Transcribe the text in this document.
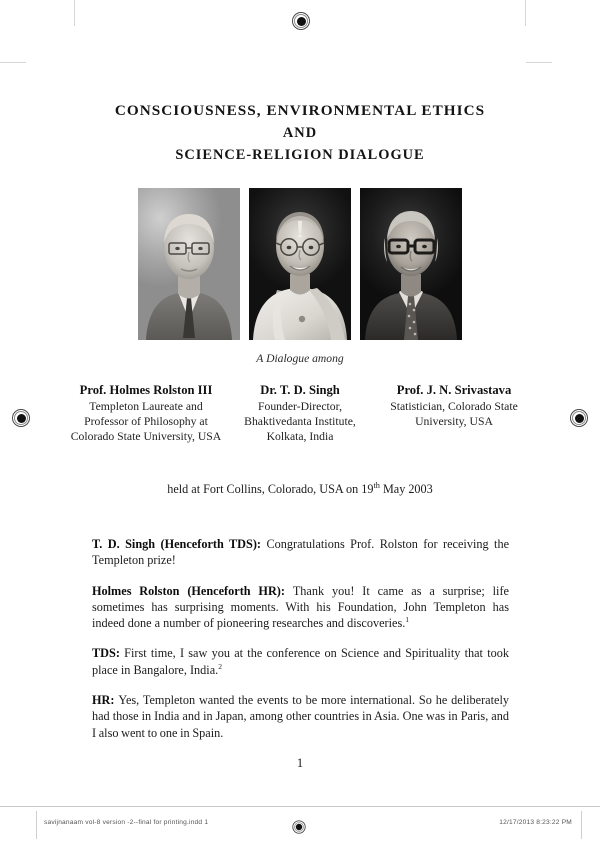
CONSCIOUSNESS, ENVIRONMENTAL ETHICS
AND
SCIENCE-RELIGION DIALOGUE
A Dialogue among
Prof. Holmes Rolston III
Templeton Laureate and Professor of Philosophy at Colorado State University, USA
Dr. T. D. Singh
Founder-Director, Bhaktivedanta Institute, Kolkata, India
Prof. J. N. Srivastava
Statistician, Colorado State University, USA
held at Fort Collins, Colorado, USA on 19th May 2003

T. D. Singh (Henceforth TDS): Congratulations Prof. Rolston for receiving the Templeton prize!

Holmes Rolston (Henceforth HR): Thank you! It came as a surprise; life sometimes has surprising moments. With his Foundation, John Templeton has indeed done a number of pioneering researches and discoveries.$^1$

TDS: First time, I saw you at the conference on Science and Spirituality that took place in Bangalore, India.$^2$

HR: Yes, Templeton wanted the events to be more international. So he deliberately had those in India and in Japan, among other countries in Asia. One was in Paris, and I also went to one in Spain.

1
savijnanaam vol-8 version -2--final for printing.indd 1	12/17/2013 8:23:22 PM
